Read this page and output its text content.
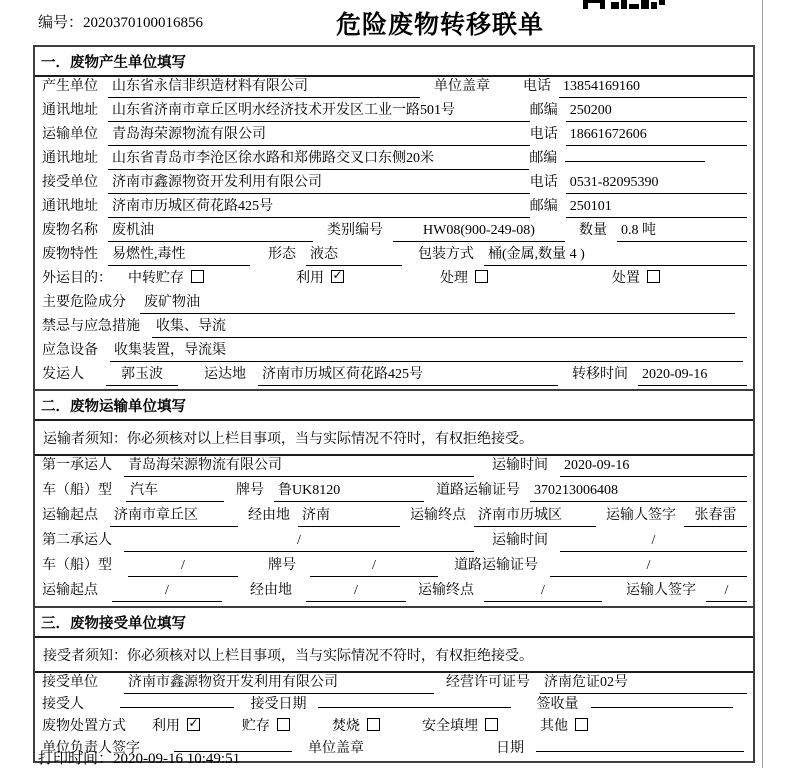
编号：2020370100016856	危险废物转移联单
一．废物产生单位填写
产生单位 山东省永信非织造材料有限公司	单位盖章 电话 13854169160
通讯地址 山东省济南市章丘区明水经济技术开发区工业一路501号	邮编 250200
运输单位 青岛海荣源物流有限公司	电话 18661672606
通讯地址 山东省青岛市李沧区徐水路和郑佛路交叉口东侧20米	邮编
接受单位 济南市鑫源物资开发利用有限公司	电话 0531-82095390
通讯地址 济南市历城区荷花路425号	邮编 250101
废物名称 废机油	类别编号	HW08(900-249-08)	数量 0.8 吨
废物特性 易燃性,毒性	形态 液态	包装方式 桶(金属,数量 4 )
外运目的： 中转贮存	利用 ✓	处理	处置
主要危险成分 废矿物油
禁忌与应急措施 收集、导流
应急设备 收集装置，导流渠
发运人	郭玉波	运达地 济南市历城区荷花路425号	转移时间 2020-09-16
二．废物运输单位填写
运输者须知：你必须核对以上栏目事项，当与实际情况不符时，有权拒绝接受。
第一承运人 青岛海荣源物流有限公司	运输时间 2020-09-16
车（船）型 汽车	牌号 鲁UK8120	道路运输证号 370213006408
运输起点 济南市章丘区	经由地 济南	运输终点 济南市历城区	运输人签字	张春雷
第二承运人	/	运输时间	/
车（船）型	/	牌号	/	道路运输证号	/
运输起点	/	经由地	/	运输终点	/	运输人签字	/
三．废物接受单位填写
接受者须知：你必须核对以上栏目事项，当与实际情况不符时，有权拒绝接受。
接受单位 济南市鑫源物资开发利用有限公司	经营许可证号 济南危证02号
接受人	接受日期	签收量
废物处置方式 利用 ✓	贮存	焚烧	安全填埋	其他
单位负责人签字	单位盖章	日期
打印时间：2020-09-16 10:49:51
